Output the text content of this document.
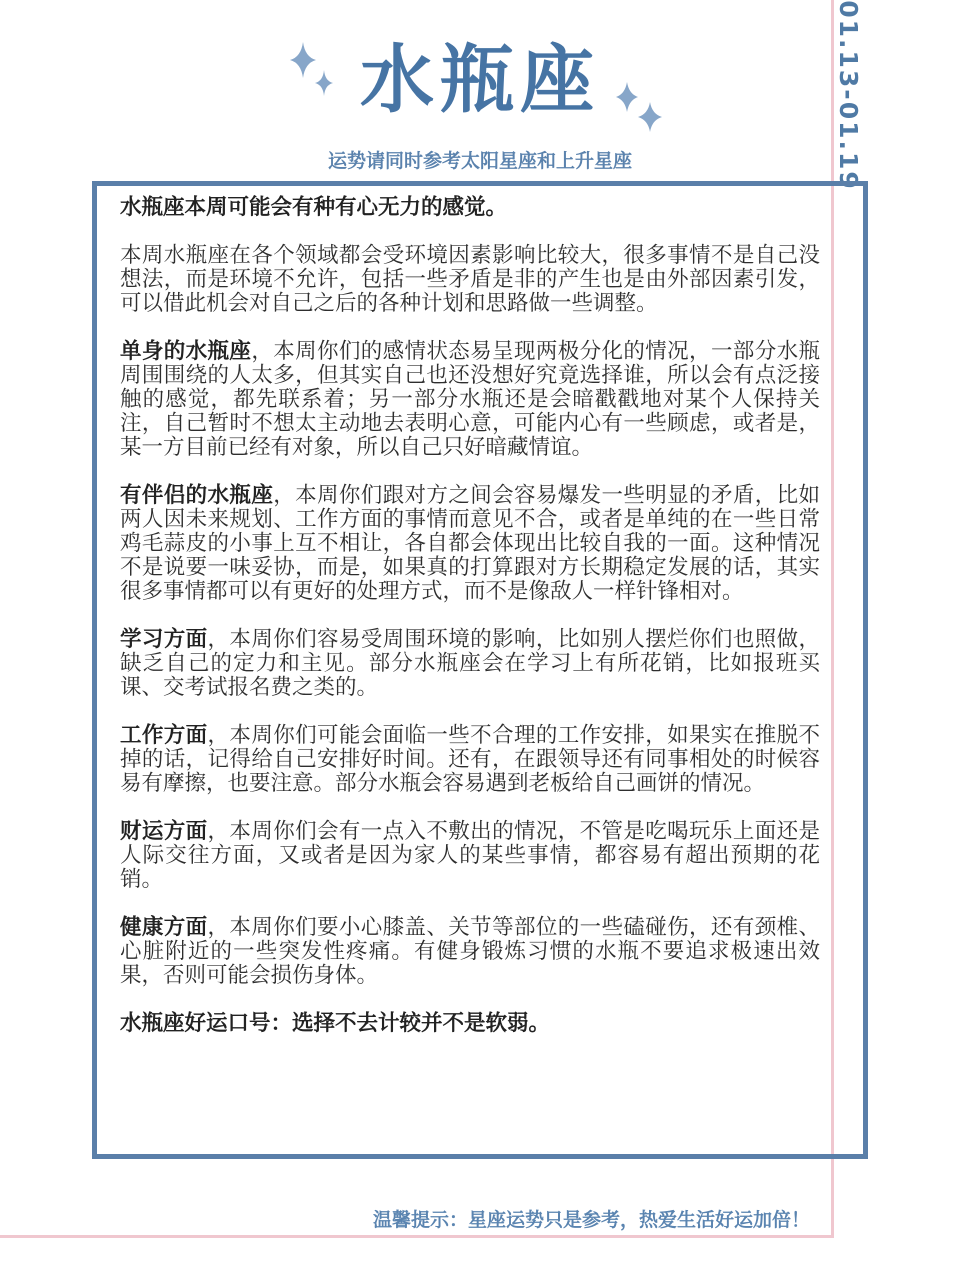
01.13-01.19
水瓶座
运势请同时参考太阳星座和上升星座

水瓶座本周可能会有种有心无力的感觉。

本周水瓶座在各个领域都会受环境因素影响比较大，很多事情不是自己没想法，而是环境不允许，包括一些矛盾是非的产生也是由外部因素引发，可以借此机会对自己之后的各种计划和思路做一些调整。

单身的水瓶座，本周你们的感情状态易呈现两极分化的情况，一部分水瓶周围围绕的人太多，但其实自己也还没想好究竟选择谁，所以会有点泛接触的感觉，都先联系着；另一部分水瓶还是会暗戳戳地对某个人保持关注，自己暂时不想太主动地去表明心意，可能内心有一些顾虑，或者是，某一方目前已经有对象，所以自己只好暗藏情谊。

有伴侣的水瓶座，本周你们跟对方之间会容易爆发一些明显的矛盾，比如两人因未来规划、工作方面的事情而意见不合，或者是单纯的在一些日常鸡毛蒜皮的小事上互不相让，各自都会体现出比较自我的一面。这种情况不是说要一味妥协，而是，如果真的打算跟对方长期稳定发展的话，其实很多事情都可以有更好的处理方式，而不是像敌人一样针锋相对。

学习方面，本周你们容易受周围环境的影响，比如别人摆烂你们也照做，缺乏自己的定力和主见。部分水瓶座会在学习上有所花销，比如报班买课、交考试报名费之类的。

工作方面，本周你们可能会面临一些不合理的工作安排，如果实在推脱不掉的话，记得给自己安排好时间。还有，在跟领导还有同事相处的时候容易有摩擦，也要注意。部分水瓶会容易遇到老板给自己画饼的情况。

财运方面，本周你们会有一点入不敷出的情况，不管是吃喝玩乐上面还是人际交往方面，又或者是因为家人的某些事情，都容易有超出预期的花销。

健康方面，本周你们要小心膝盖、关节等部位的一些磕碰伤，还有颈椎、心脏附近的一些突发性疼痛。有健身锻炼习惯的水瓶不要追求极速出效果，否则可能会损伤身体。

水瓶座好运口号：选择不去计较并不是软弱。

温馨提示：星座运势只是参考，热爱生活好运加倍！
